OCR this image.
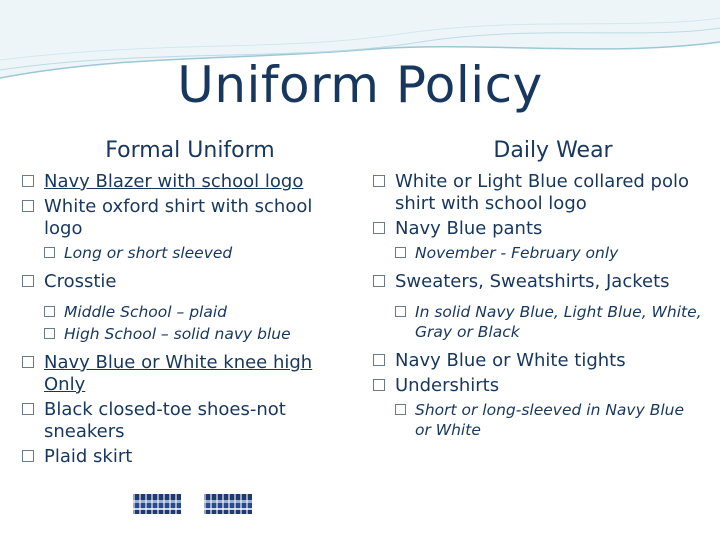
Uniform Policy
Formal Uniform
Navy Blazer with school logo
White oxford shirt with school logo
Long or short sleeved
Crosstie
Middle School – plaid
High School – solid navy blue
Navy Blue or White knee high Only
Black closed-toe shoes-not sneakers
Plaid skirt
Daily Wear
White or Light Blue collared polo shirt with school logo
Navy Blue pants
November - February only
Sweaters, Sweatshirts, Jackets
In solid Navy Blue, Light Blue, White, Gray or Black
Navy Blue or White tights
Undershirts
Short or long-sleeved in Navy Blue or White
